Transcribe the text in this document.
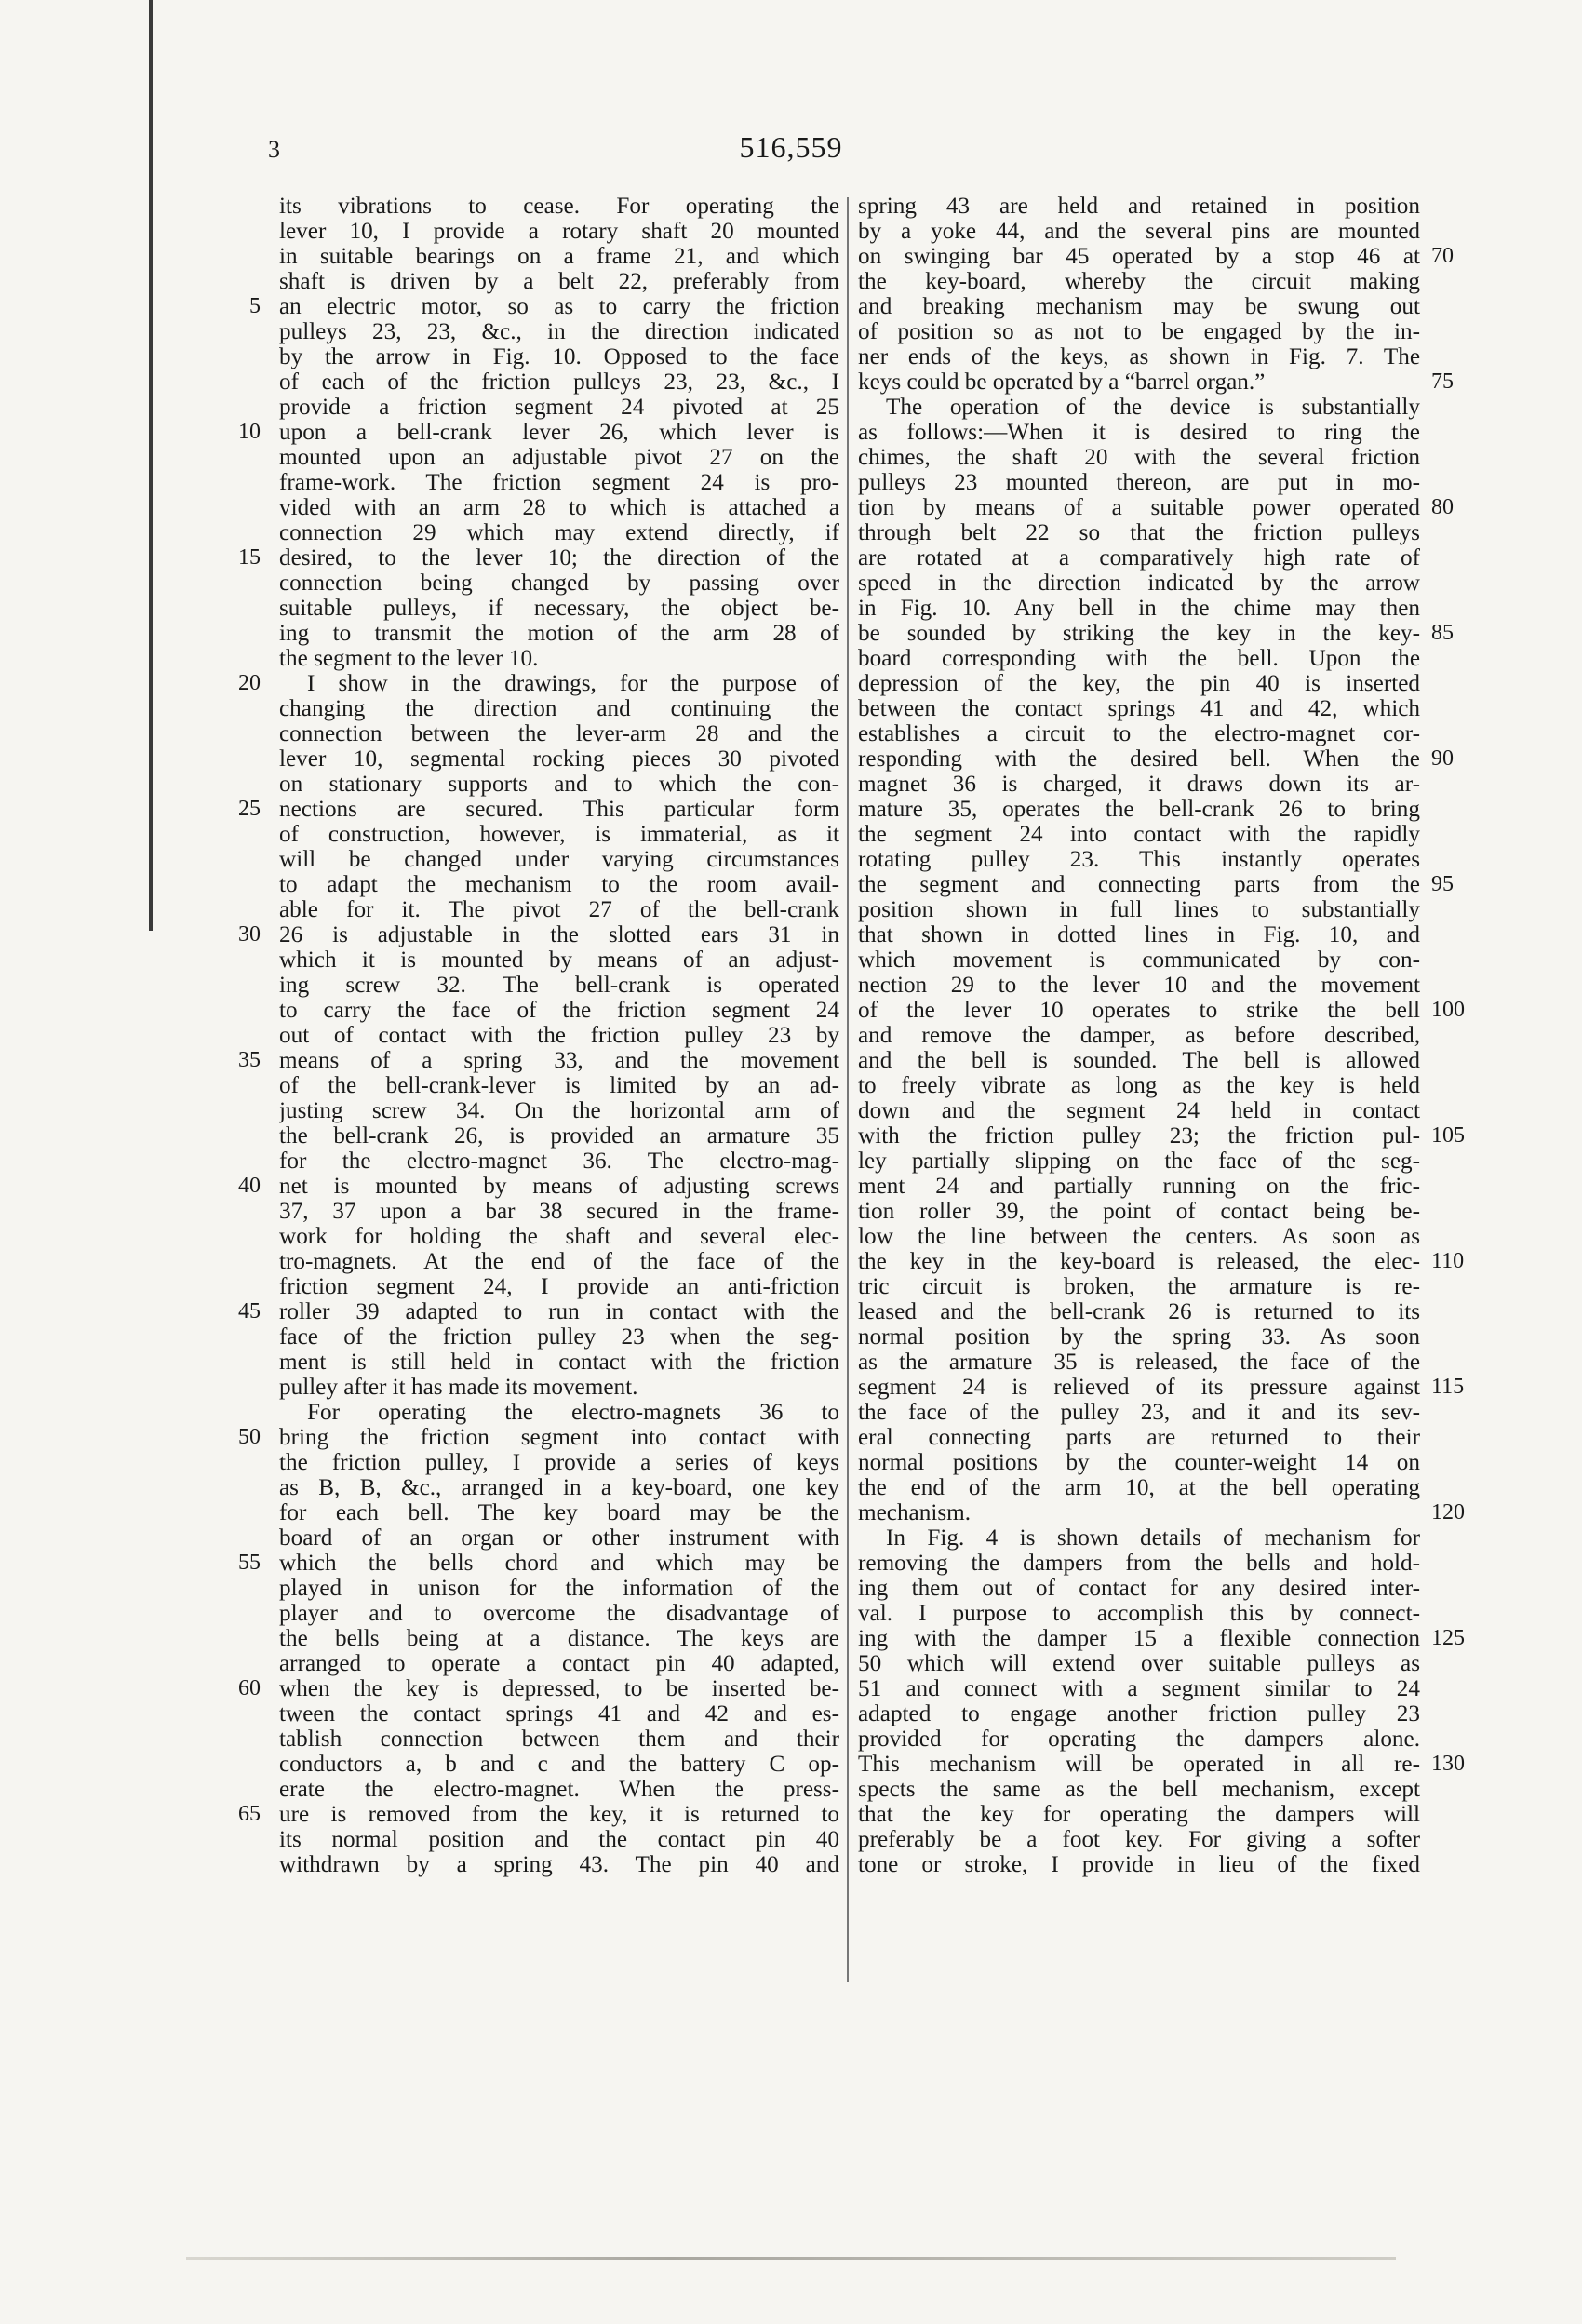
3	516,559
its vibrations to cease. For operating the
lever 10, I provide a rotary shaft 20 mounted
in suitable bearings on a frame 21, and which
shaft is driven by a belt 22, preferably from
an electric motor, so as to carry the friction
pulleys 23, 23, &c., in the direction indicated
by the arrow in Fig. 10. Opposed to the face
of each of the friction pulleys 23, 23, &c., I
provide a friction segment 24 pivoted at 25
upon a bell-crank lever 26, which lever is
mounted upon an adjustable pivot 27 on the
frame-work. The friction segment 24 is pro-
vided with an arm 28 to which is attached a
connection 29 which may extend directly, if
desired, to the lever 10; the direction of the
connection being changed by passing over
suitable pulleys, if necessary, the object be-
ing to transmit the motion of the arm 28 of
the segment to the lever 10.
I show in the drawings, for the purpose of
changing the direction and continuing the
connection between the lever-arm 28 and the
lever 10, segmental rocking pieces 30 pivoted
on stationary supports and to which the con-
nections are secured. This particular form
of construction, however, is immaterial, as it
will be changed under varying circumstances
to adapt the mechanism to the room avail-
able for it. The pivot 27 of the bell-crank
26 is adjustable in the slotted ears 31 in
which it is mounted by means of an adjust-
ing screw 32. The bell-crank is operated
to carry the face of the friction segment 24
out of contact with the friction pulley 23 by
means of a spring 33, and the movement
of the bell-crank-lever is limited by an ad-
justing screw 34. On the horizontal arm of
the bell-crank 26, is provided an armature 35
for the electro-magnet 36. The electro-mag-
net is mounted by means of adjusting screws
37, 37 upon a bar 38 secured in the frame-
work for holding the shaft and several elec-
tro-magnets. At the end of the face of the
friction segment 24, I provide an anti-friction
roller 39 adapted to run in contact with the
face of the friction pulley 23 when the seg-
ment is still held in contact with the friction
pulley after it has made its movement.
For operating the electro-magnets 36 to
bring the friction segment into contact with
the friction pulley, I provide a series of keys
as B, B, &c., arranged in a key-board, one key
for each bell. The key board may be the
board of an organ or other instrument with
which the bells chord and which may be
played in unison for the information of the
player and to overcome the disadvantage of
the bells being at a distance. The keys are
arranged to operate a contact pin 40 adapted,
when the key is depressed, to be inserted be-
tween the contact springs 41 and 42 and es-
tablish connection between them and their
conductors a, b and c and the battery C op-
erate the electro-magnet. When the press-
ure is removed from the key, it is returned to
its normal position and the contact pin 40
withdrawn by a spring 43. The pin 40 and
spring 43 are held and retained in position
by a yoke 44, and the several pins are mounted
on swinging bar 45 operated by a stop 46 at
the key-board, whereby the circuit making
and breaking mechanism may be swung out
of position so as not to be engaged by the in-
ner ends of the keys, as shown in Fig. 7. The
keys could be operated by a “barrel organ.”
The operation of the device is substantially
as follows:—When it is desired to ring the
chimes, the shaft 20 with the several friction
pulleys 23 mounted thereon, are put in mo-
tion by means of a suitable power operated
through belt 22 so that the friction pulleys
are rotated at a comparatively high rate of
speed in the direction indicated by the arrow
in Fig. 10. Any bell in the chime may then
be sounded by striking the key in the key-
board corresponding with the bell. Upon the
depression of the key, the pin 40 is inserted
between the contact springs 41 and 42, which
establishes a circuit to the electro-magnet cor-
responding with the desired bell. When the
magnet 36 is charged, it draws down its ar-
mature 35, operates the bell-crank 26 to bring
the segment 24 into contact with the rapidly
rotating pulley 23. This instantly operates
the segment and connecting parts from the
position shown in full lines to substantially
that shown in dotted lines in Fig. 10, and
which movement is communicated by con-
nection 29 to the lever 10 and the movement
of the lever 10 operates to strike the bell
and remove the damper, as before described,
and the bell is sounded. The bell is allowed
to freely vibrate as long as the key is held
down and the segment 24 held in contact
with the friction pulley 23; the friction pul-
ley partially slipping on the face of the seg-
ment 24 and partially running on the fric-
tion roller 39, the point of contact being be-
low the line between the centers. As soon as
the key in the key-board is released, the elec-
tric circuit is broken, the armature is re-
leased and the bell-crank 26 is returned to its
normal position by the spring 33. As soon
as the armature 35 is released, the face of the
segment 24 is relieved of its pressure against
the face of the pulley 23, and it and its sev-
eral connecting parts are returned to their
normal positions by the counter-weight 14 on
the end of the arm 10, at the bell operating
mechanism.
In Fig. 4 is shown details of mechanism for
removing the dampers from the bells and hold-
ing them out of contact for any desired inter-
val. I purpose to accomplish this by connect-
ing with the damper 15 a flexible connection
50 which will extend over suitable pulleys as
51 and connect with a segment similar to 24
adapted to engage another friction pulley 23
provided for operating the dampers alone.
This mechanism will be operated in all re-
spects the same as the bell mechanism, except
that the key for operating the dampers will
preferably be a foot key. For giving a softer
tone or stroke, I provide in lieu of the fixed
5
10
15
20
25
30
35
40
45
50
55
60
65
70
75
80
85
90
95
100
105
110
115
120
125
130
